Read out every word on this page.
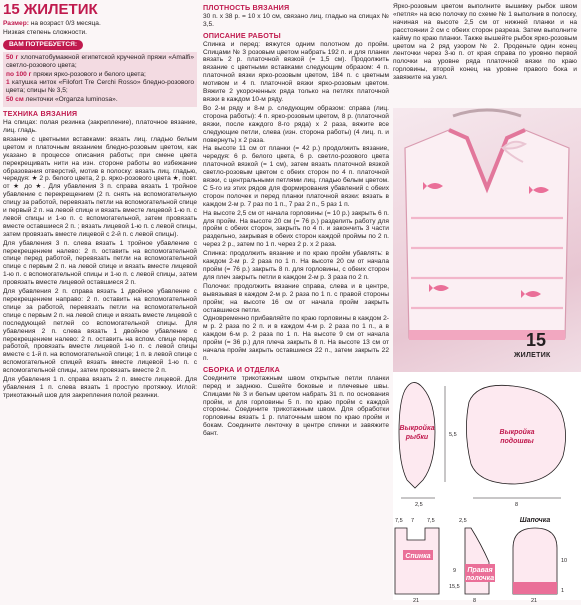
15 ЖИЛЕТИК

Размер: на возраст 0/3 месяца.

Низкая степень сложности.

ВАМ ПОТРЕБУЕТСЯ:

50 г хлопчатобумажной египетской крученой пряжи «Amalfi» светло-розового цвета;

по 100 г пряжи ярко-розового и белого цвета;

1 катушка ниток «Filofort Tre Cerchi Rosso» бледно-розового цвета; спицы № 3,5;

50 см ленточки «Organza luminosa».

ТЕХНИКА ВЯЗАНИЯ

На спицах: полая резинка (закрепление), платочное вязание, лиц. гладь.

вязание с цветными вставками: вязать лиц. гладью белым цветом и платочным вязанием бледно-розовым цветом, как указано в процессе описания работы; при смене цвета перекрещивать нити на изн. стороне работы во избежание образования отверстий, мотив в полоску: вязать лиц. гладью, чередуя: ★ 2 р. белого цвета, 2 р. ярко-розового цвета ★, повт. от ★ до ★. Для убавления 3 п. справа вязать 1 тройное убавление с перекрещением (2 п. снять на вспомогательную спицу за работой, перевязать петли на вспомогательной спице и первый 2 п. на левой спице и вязать вместе лицевой 1-ю п. с левой спицы и 1-ю п. с вспомогательной, затем провязать вместе оставшиеся 2 п. ; вязать лицевой 1-ю п. с левой спицы, затем провязать вместе лицевой с 2-й п. с левой спицы).

Для убавления 3 п. слева вязать 1 тройное убавление с перекрещением налево: 2 п. оставить на вспомогательной спице перед работой, перевязать петли на вспомогательной спице с первым 2 п. на левой спице и вязать вместе лицевой 1-ю п. с вспомогательной спицы и 1-ю п. с левой спицы, затем провязать вместе лицевой оставшиеся 2 п.

Для убавления 2 п. справа вязать 1 двойное убавление с перекрещением направо: 2 п. оставить на вспомогательной спице за работой, перевязать петли на вспомогательной спице с первым 2 п. на левой спице и вязать вместе лицевой с последующей петлей со вспомогательной спицы. Для убавления 2 п. слева вязать 1 двойное убавление с перекрещением налево: 2 п. оставить на вспом. спице перед работой, провязать вместе лицевой 1-ю п. с левой спицы вместе с 1-й п. на вспомогательной спице; 1 п. в левой спице с вспомогательной спицей вязать вместе лицевой 1-ю п. с вспомогательной спицы, затем провязать вместе 2 п.

Для убавления 1 п. справа вязать 2 п. вместе лицевой. Для убавления 1 п. слева вязать 1 простую протяжку. Иглой: трикотажный шов для закрепления полой резинки.

ПЛОТНОСТЬ ВЯЗАНИЯ

30 п. x 38 р. = 10 x 10 см, связано лиц. гладью на спицах № 3,5.

ОПИСАНИЕ РАБОТЫ

Спинка и перед: вяжутся одним полотном до пройм. Спицами № 3 розовым цветом набрать 192 п. и для планки вязать 2 р. платочной вязкой (= 1,5 см). Продолжить вязание с цветными вставками следующим образом: 4 п. платочной вязки ярко-розовым цветом, 184 п. с цветным мотивом и 4 п. платочной вязки ярко-розовым цветом. Вяжите 2 укороченных ряда только на петлях платочной вязки в каждом 10-м ряду.

Во 2-м ряду и 8-м р. следующим образом: справа (лиц. сторона работы): 4 п. ярко-розовым цветом, 8 р. (платочной вязки, после каждого 8-го ряда) х 2 раза, вяжите все следующие петли, слева (изн. сторона работы) (4 лиц. п. и повернуть) х 2 раза.

На высоте 11 см от планки (= 42 р.) продолжить вязание, чередуя: 6 р. белого цвета, 6 р. светло-розового цвета платочной вязкой (= 1 см), затем вязать платочной вязкой светло-розовым цветом с обеих сторон по 4 п. платочной вязки, с центральными петлями лиц. гладью белым цветом. С 5-го из этих рядов для формирования убавлений с обеих сторон полочек и перед планки платочной вязки: вязать в каждом 2-м р. 7 раз по 1 п., 7 раз 2 п., 5 раз 1 п.

На высоте 2,5 см от начала горловины (= 10 р.) закрыть 6 п. для пройм. На высоте 20 см (= 76 р.) разделить работу для пройм с обеих сторон, закрыть по 4 п. и закончить 3 части раздельно, закрывая в обеих сторон каждой проймы по 2 п. через 2 р., затем по 1 п. через 2 р. х 2 раза.

Спинка: продолжить вязание и по краю пройм убавлять: в каждом 2-м р. 2 раза по 1 п. На высоте 20 см от начала пройм (= 76 р.) закрыть 8 п. для горловины, с обеих сторон для плеч закрыть петли в каждом 2-м р. 3 раза по 2 п.

Полочки: продолжить вязание справа, слева и в центре, вывязывая в каждом 2-м р. 2 раза по 1 п. с правой стороны пройм; на высоте 16 см от начала пройм закрыть оставшиеся петли.

Одновременно прибавляйте по краю горловины в каждом 2-м р. 2 раза по 2 п. и в каждом 4-м р. 2 раза по 1 п., а в каждом 6-м р. 2 раза по 1 п. На высоте 9 см от начала пройм (= 36 р.) для плеча закрыть 8 п. На высоте 13 см от начала пройм закрыть оставшиеся 22 п., затем закрыть 22 п.

СБОРКА И ОТДЕЛКА

Соедините трикотажным швом открытые петли планки перед и заднюю. Сшейте боковые и плечевые швы. Спицами № 3 и белым цветом набрать 31 п. по основания пройм, и для горловины 5 п. по краю пройм с каждой стороны. Соедините трикотажным швом. Для обработки горловины вязать 1 р. платочным швом по краю пройм и бокам. Соедините ленточку в центре спинки и завяжите бант.

Ярко-розовым цветом выполните вышивку рыбок швом «петля» на всю полочку по схеме № 1 выполнив в полоску, начиная на высоте 2,5 см от нижней планки и на расстоянии 2 см с обеих сторон разреза. Затем выполните кайму по краю планки. Также вышейте рыбок ярко-розовым цветом на 2 ряд узором № 2. Проденьте один конец ленточки через 3-ю п. от края справа по уровню первой полочки на уровне ряда платочной вязки по краю горловины, второй конец на уровне правого бока и завяжите на узел.

15
ЖИЛЕТИК
Выкройка
рыбки	5,5
2,5
Выкройка
подошвы
8
7,5 7 7,5
Спинка
21
2,5
Правая
полочка
9
15,5
8
Шапочка
10
1
21
